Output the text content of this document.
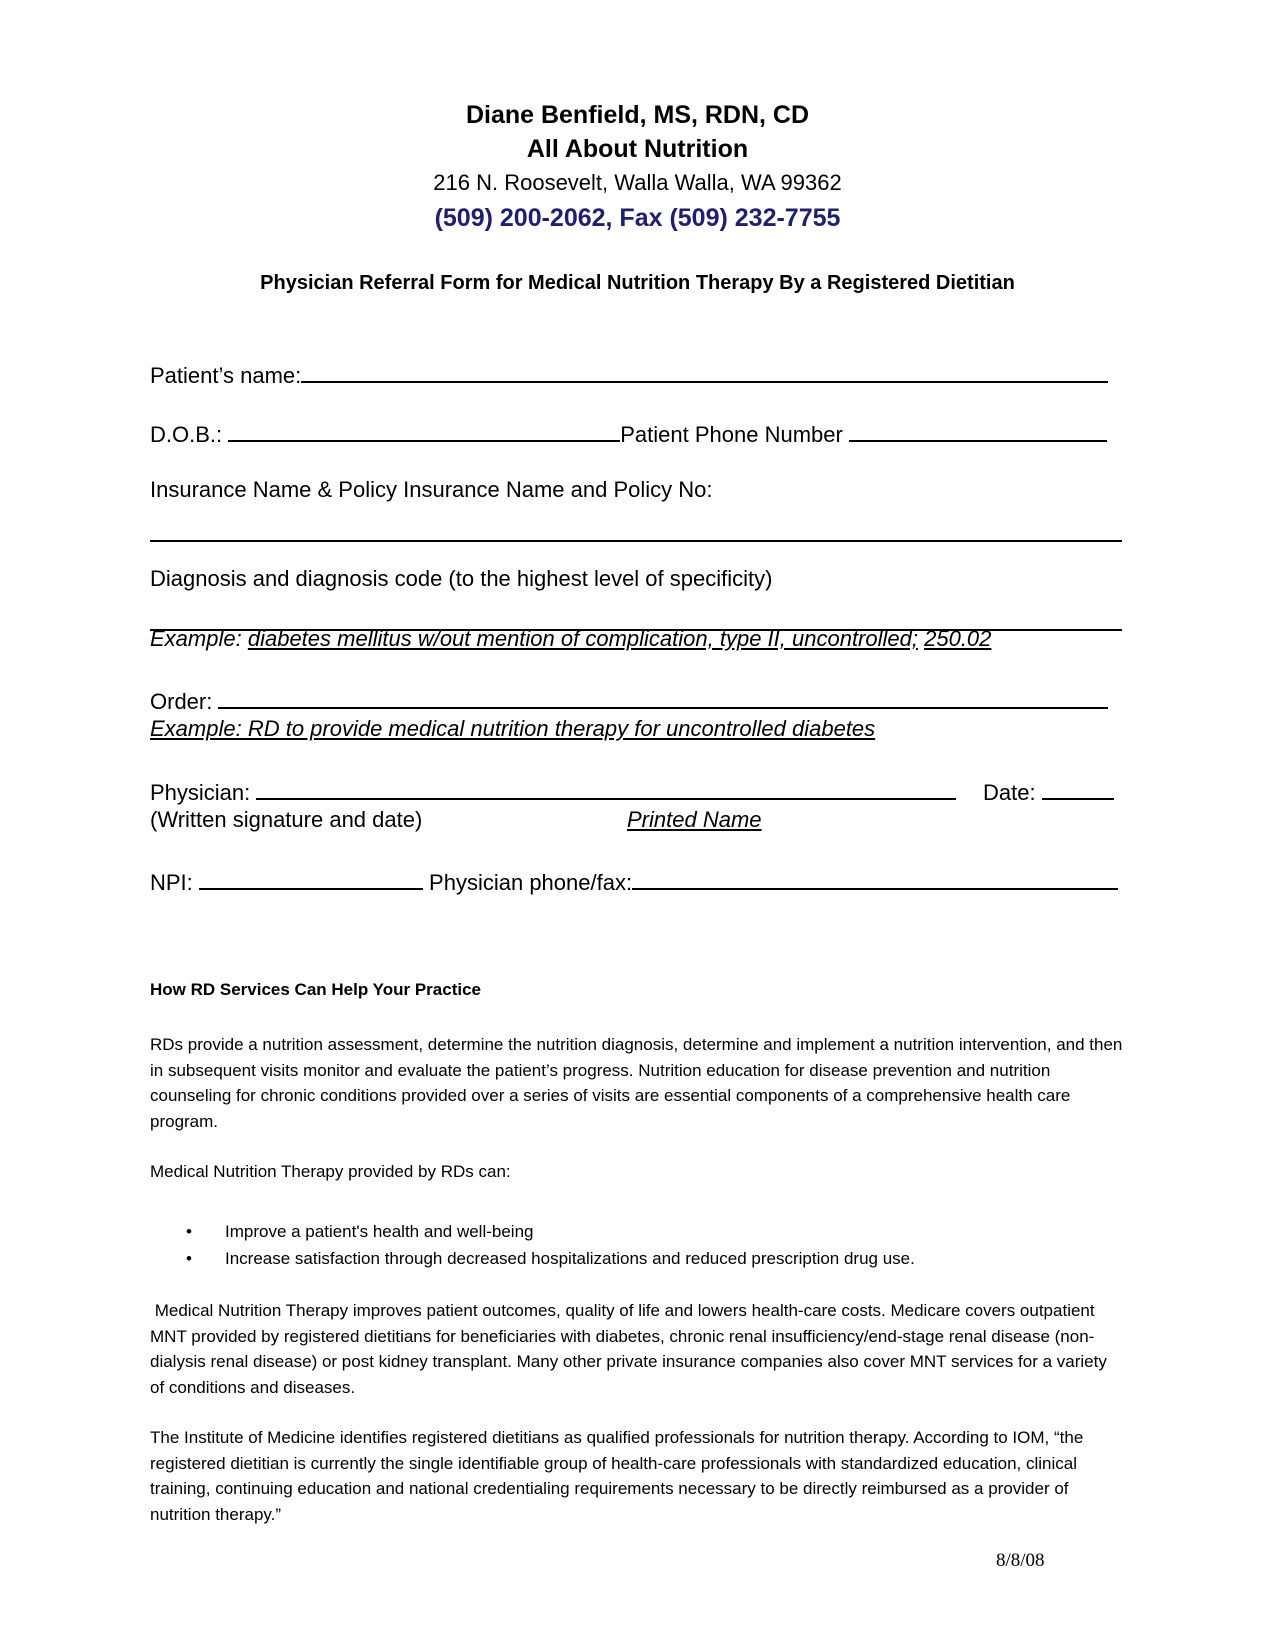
Diane Benfield, MS, RDN, CD
All About Nutrition
216 N. Roosevelt, Walla Walla, WA 99362
(509) 200-2062, Fax (509) 232-7755
Physician Referral Form for Medical Nutrition Therapy By a Registered Dietitian
Patient’s name:
D.O.B.:	Patient Phone Number
Insurance Name & Policy Insurance Name and Policy No:
Diagnosis and diagnosis code (to the highest level of specificity)
Example: diabetes mellitus w/out mention of complication, type II, uncontrolled; 250.02
Order:
Example: RD to provide medical nutrition therapy for uncontrolled diabetes
Physician:	Date:
(Written signature and date)	Printed Name
NPI:	Physician phone/fax:
How RD Services Can Help Your Practice
RDs provide a nutrition assessment, determine the nutrition diagnosis, determine and implement a nutrition intervention, and then in subsequent visits monitor and evaluate the patient’s progress. Nutrition education for disease prevention and nutrition counseling for chronic conditions provided over a series of visits are essential components of a comprehensive health care program.
Medical Nutrition Therapy provided by RDs can:
• Improve a patient's health and well-being
• Increase satisfaction through decreased hospitalizations and reduced prescription drug use.
Medical Nutrition Therapy improves patient outcomes, quality of life and lowers health-care costs. Medicare covers outpatient MNT provided by registered dietitians for beneficiaries with diabetes, chronic renal insufficiency/end-stage renal disease (non-dialysis renal disease) or post kidney transplant. Many other private insurance companies also cover MNT services for a variety of conditions and diseases.
The Institute of Medicine identifies registered dietitians as qualified professionals for nutrition therapy. According to IOM, “the registered dietitian is currently the single identifiable group of health-care professionals with standardized education, clinical training, continuing education and national credentialing requirements necessary to be directly reimbursed as a provider of nutrition therapy.”
8/8/08
